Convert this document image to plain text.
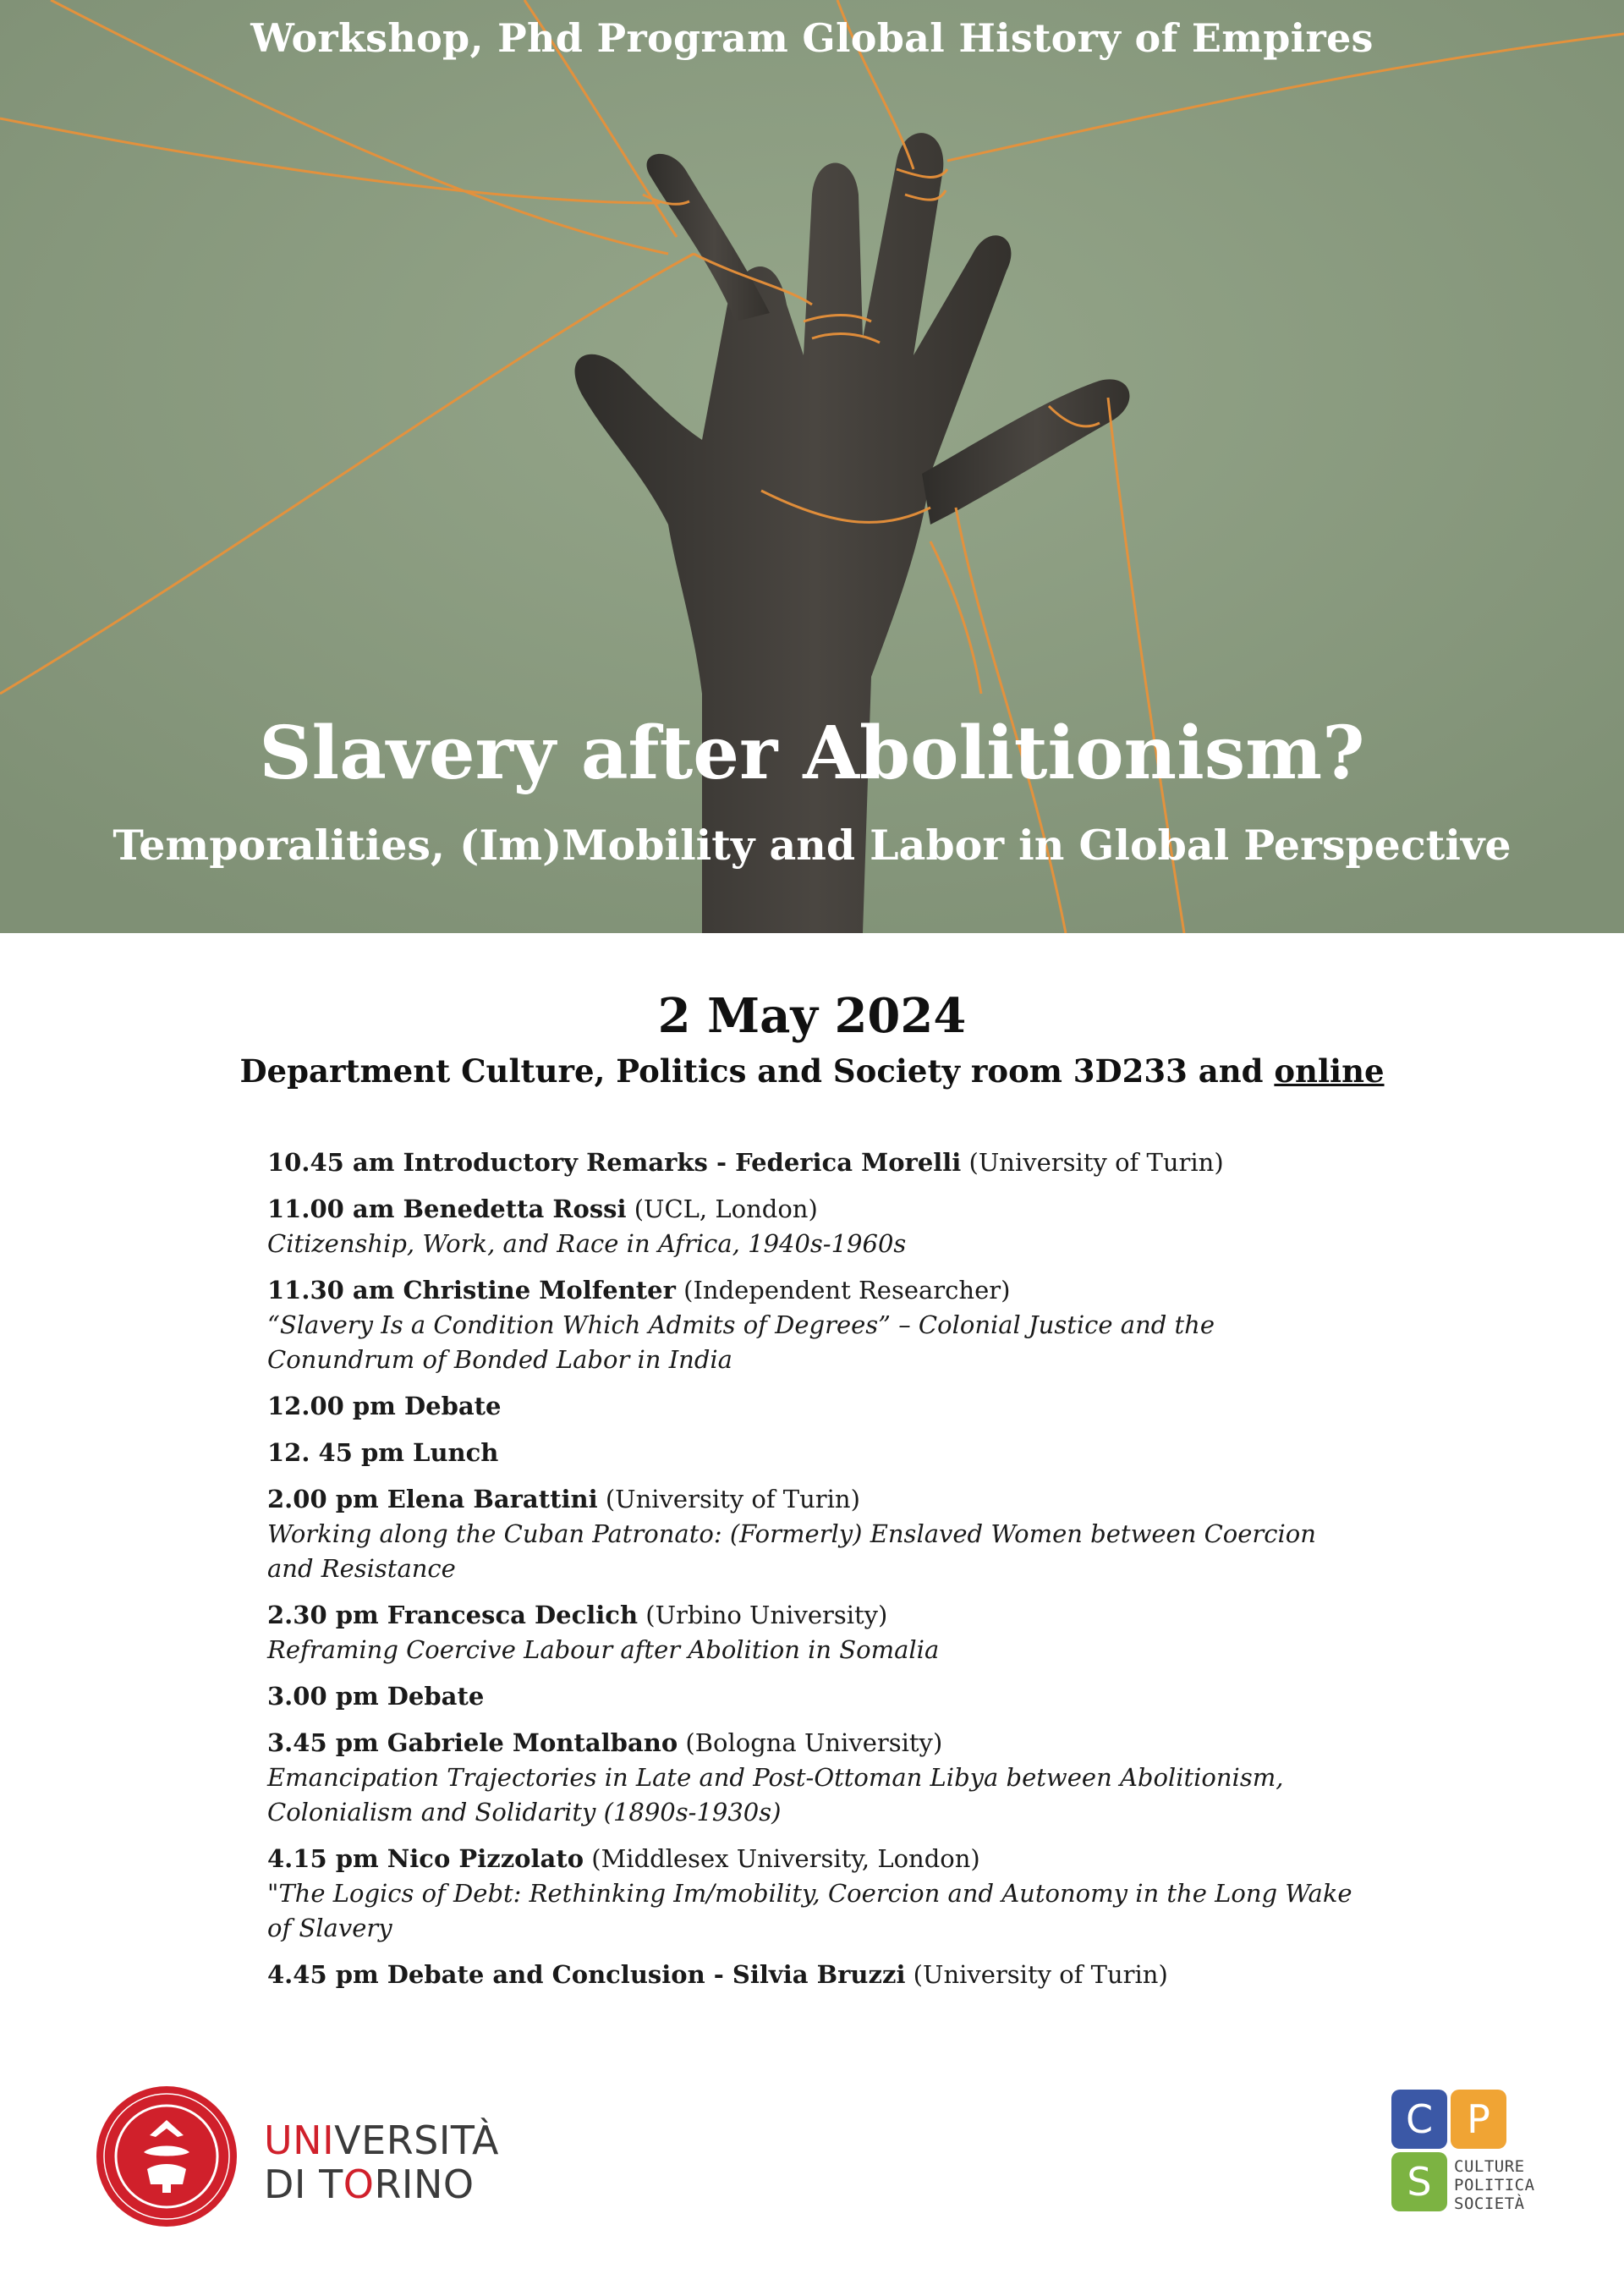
Workshop, Phd Program Global History of Empires
Slavery after Abolitionism?
Temporalities, (Im)Mobility and Labor in Global Perspective
2 May 2024
Department Culture, Politics and Society room 3D233 and online
10.45 am Introductory Remarks - Federica Morelli (University of Turin)
11.00 am Benedetta Rossi (UCL, London)
Citizenship, Work, and Race in Africa, 1940s-1960s
11.30 am Christine Molfenter (Independent Researcher)
“Slavery Is a Condition Which Admits of Degrees” – Colonial Justice and the Conundrum of Bonded Labor in India
12.00 pm Debate
12. 45 pm Lunch
2.00 pm Elena Barattini (University of Turin)
Working along the Cuban Patronato: (Formerly) Enslaved Women between Coercion and Resistance
2.30 pm Francesca Declich (Urbino University)
Reframing Coercive Labour after Abolition in Somalia
3.00 pm Debate
3.45 pm Gabriele Montalbano (Bologna University)
Emancipation Trajectories in Late and Post-Ottoman Libya between Abolitionism, Colonialism and Solidarity (1890s-1930s)
4.15 pm Nico Pizzolato (Middlesex University, London)
"The Logics of Debt: Rethinking Im/mobility, Coercion and Autonomy in the Long Wake of Slavery
4.45 pm Debate and Conclusion - Silvia Bruzzi (University of Turin)
UNIVERSITÀ
DI TORINO
C P
S	CULTURE
POLITICA
SOCIETÀ
